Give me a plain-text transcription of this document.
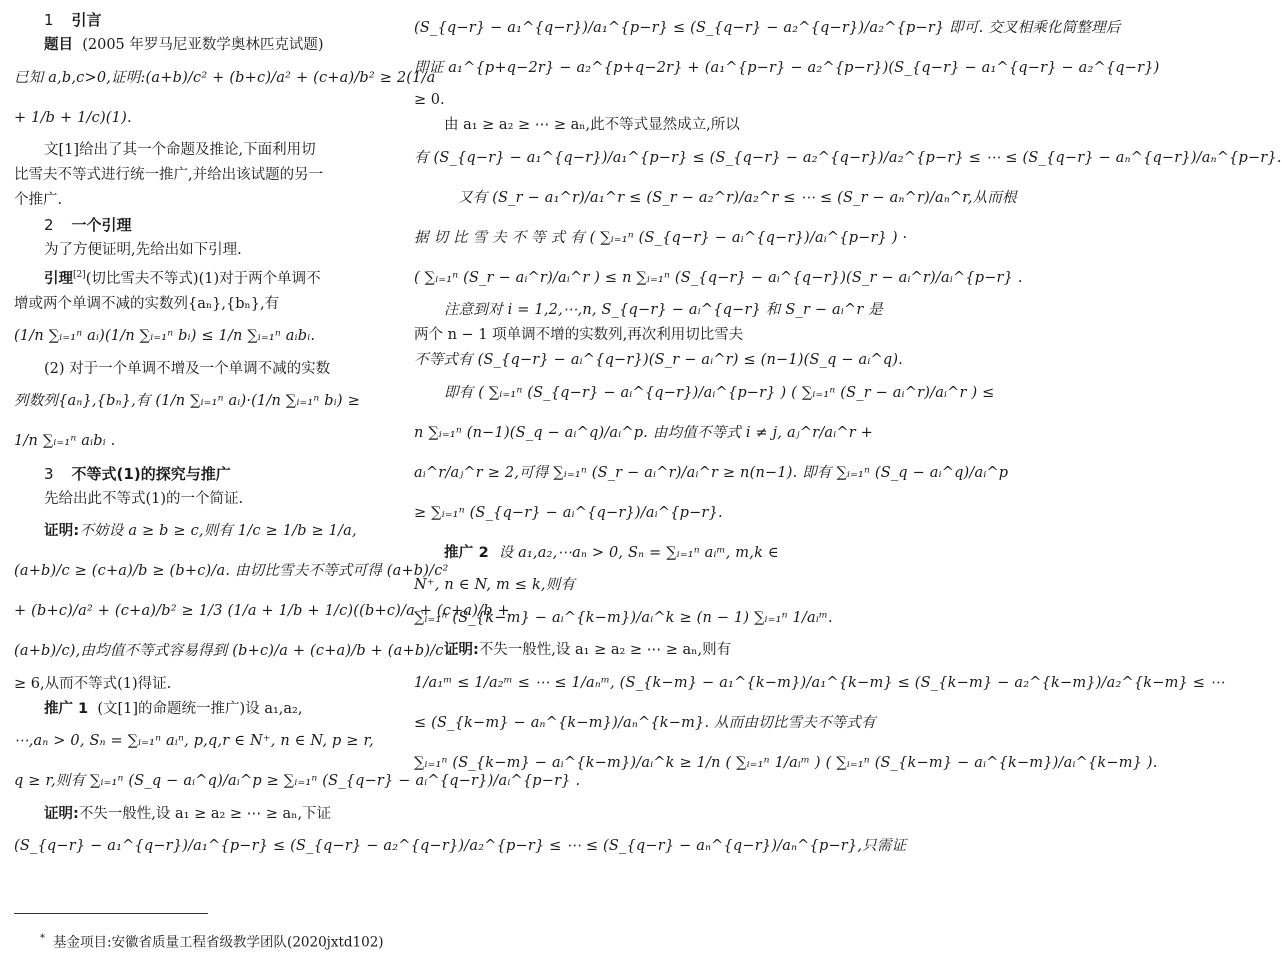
1 引言

题目 (2005 年罗马尼亚数学奥林匹克试题)

已知 a,b,c>0,证明:(a+b)/c² + (b+c)/a² + (c+a)/b² ≥ 2(1/a

+ 1/b + 1/c)(1).

文[1]给出了其一个命题及推论,下面利用切

比雪夫不等式进行统一推广,并给出该试题的另一

个推广.

2 一个引理

为了方便证明,先给出如下引理.

引理[2](切比雪夫不等式)(1)对于两个单调不

增或两个单调不减的实数列{aₙ},{bₙ},有

(1/n ∑ᵢ₌₁ⁿ aᵢ)(1/n ∑ᵢ₌₁ⁿ bᵢ) ≤ 1/n ∑ᵢ₌₁ⁿ aᵢbᵢ.

(2) 对于一个单调不增及一个单调不减的实数

列数列{aₙ},{bₙ},有 (1/n ∑ᵢ₌₁ⁿ aᵢ)·(1/n ∑ᵢ₌₁ⁿ bᵢ) ≥

1/n ∑ᵢ₌₁ⁿ aᵢbᵢ .

3 不等式(1)的探究与推广

先给出此不等式(1)的一个简证.

证明: 不妨设 a ≥ b ≥ c,则有 1/c ≥ 1/b ≥ 1/a,

(a+b)/c ≥ (c+a)/b ≥ (b+c)/a. 由切比雪夫不等式可得 (a+b)/c²

+ (b+c)/a² + (c+a)/b² ≥ 1/3 (1/a + 1/b + 1/c)((b+c)/a + (c+a)/b +

(a+b)/c),由均值不等式容易得到 (b+c)/a + (c+a)/b + (a+b)/c

≥ 6,从而不等式(1)得证.

推广 1 (文[1]的命题统一推广)设 a₁,a₂,

⋯,aₙ > 0, Sₙ = ∑ᵢ₌₁ⁿ aᵢⁿ, p,q,r ∈ N⁺, n ∈ N, p ≥ r,

q ≥ r,则有 ∑ᵢ₌₁ⁿ (S_q − aᵢ^q)/aᵢ^p ≥ ∑ᵢ₌₁ⁿ (S_{q−r} − aᵢ^{q−r})/aᵢ^{p−r} .

证明:不失一般性,设 a₁ ≥ a₂ ≥ ⋯ ≥ aₙ,下证

(S_{q−r} − a₁^{q−r})/a₁^{p−r} ≤ (S_{q−r} − a₂^{q−r})/a₂^{p−r} ≤ ⋯ ≤ (S_{q−r} − aₙ^{q−r})/aₙ^{p−r},只需证

(S_{q−r} − a₁^{q−r})/a₁^{p−r} ≤ (S_{q−r} − a₂^{q−r})/a₂^{p−r} 即可. 交叉相乘化简整理后

即证 a₁^{p+q−2r} − a₂^{p+q−2r} + (a₁^{p−r} − a₂^{p−r})(S_{q−r} − a₁^{q−r} − a₂^{q−r})

≥ 0.

由 a₁ ≥ a₂ ≥ ⋯ ≥ aₙ,此不等式显然成立,所以

有 (S_{q−r} − a₁^{q−r})/a₁^{p−r} ≤ (S_{q−r} − a₂^{q−r})/a₂^{p−r} ≤ ⋯ ≤ (S_{q−r} − aₙ^{q−r})/aₙ^{p−r}.

又有 (S_r − a₁^r)/a₁^r ≤ (S_r − a₂^r)/a₂^r ≤ ⋯ ≤ (S_r − aₙ^r)/aₙ^r,从而根

据 切 比 雪 夫 不 等 式 有 ( ∑ᵢ₌₁ⁿ (S_{q−r} − aᵢ^{q−r})/aᵢ^{p−r} ) ·

( ∑ᵢ₌₁ⁿ (S_r − aᵢ^r)/aᵢ^r ) ≤ n ∑ᵢ₌₁ⁿ (S_{q−r} − aᵢ^{q−r})(S_r − aᵢ^r)/aᵢ^{p−r} .

注意到对 i = 1,2,⋯,n, S_{q−r} − aᵢ^{q−r} 和 S_r − aᵢ^r 是

两个 n − 1 项单调不增的实数列,再次利用切比雪夫

不等式有 (S_{q−r} − aᵢ^{q−r})(S_r − aᵢ^r) ≤ (n−1)(S_q − aᵢ^q).

即有 ( ∑ᵢ₌₁ⁿ (S_{q−r} − aᵢ^{q−r})/aᵢ^{p−r} ) ( ∑ᵢ₌₁ⁿ (S_r − aᵢ^r)/aᵢ^r ) ≤

n ∑ᵢ₌₁ⁿ (n−1)(S_q − aᵢ^q)/aᵢ^p. 由均值不等式 i ≠ j, aⱼ^r/aᵢ^r +

aᵢ^r/aⱼ^r ≥ 2,可得 ∑ᵢ₌₁ⁿ (S_r − aᵢ^r)/aᵢ^r ≥ n(n−1). 即有 ∑ᵢ₌₁ⁿ (S_q − aᵢ^q)/aᵢ^p

≥ ∑ᵢ₌₁ⁿ (S_{q−r} − aᵢ^{q−r})/aᵢ^{p−r}.

推广 2
设 a₁,a₂,⋯aₙ > 0, Sₙ = ∑ᵢ₌₁ⁿ aᵢᵐ, m,k ∈

N⁺, n ∈ N, m ≤ k,则有

∑ᵢ₌₁ⁿ (S_{k−m} − aᵢ^{k−m})/aᵢ^k ≥ (n − 1) ∑ᵢ₌₁ⁿ 1/aᵢᵐ.

证明:不失一般性,设 a₁ ≥ a₂ ≥ ⋯ ≥ aₙ,则有

1/a₁ᵐ ≤ 1/a₂ᵐ ≤ ⋯ ≤ 1/aₙᵐ, (S_{k−m} − a₁^{k−m})/a₁^{k−m} ≤ (S_{k−m} − a₂^{k−m})/a₂^{k−m} ≤ ⋯

≤ (S_{k−m} − aₙ^{k−m})/aₙ^{k−m}. 从而由切比雪夫不等式有

∑ᵢ₌₁ⁿ (S_{k−m} − aᵢ^{k−m})/aᵢ^k ≥ 1/n ( ∑ᵢ₌₁ⁿ 1/aᵢᵐ ) ( ∑ᵢ₌₁ⁿ (S_{k−m} − aᵢ^{k−m})/aᵢ^{k−m} ).

* 基金项目:安徽省质量工程省级教学团队(2020jxtd102)
